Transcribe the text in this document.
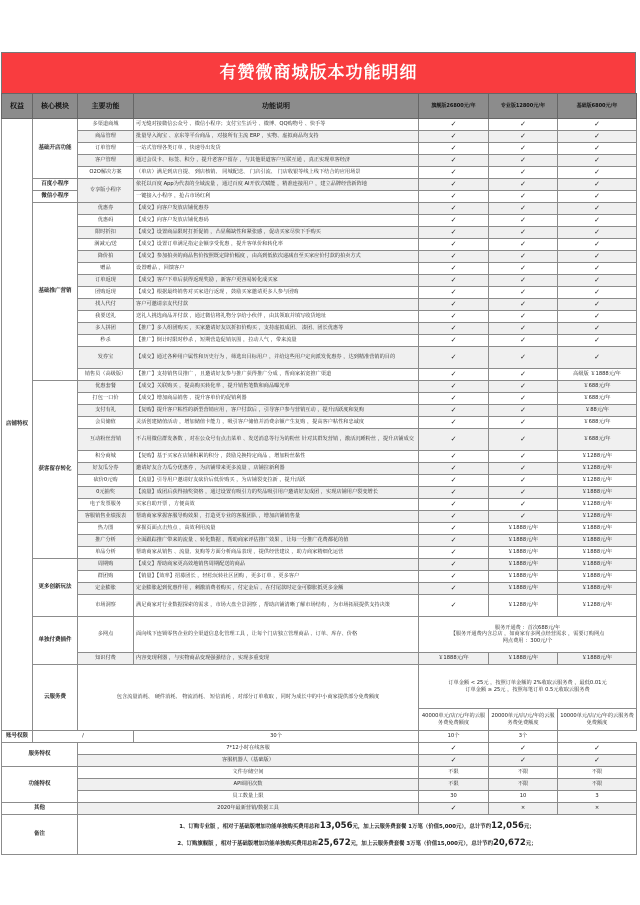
有赞微商城版本功能明细
权益	核心模块	主要功能	功能说明	旗舰版26800元/年	专业版12800元/年	基础版6800元/年
店铺特权	基础开店功能	多渠道商城	可无缝对接微信公众号 、微信小程序；支付宝生活号 、微博、QQ购物号 、快手等	✓	✓	✓
		商品管理	批量导入淘宝 、京东等平台商品 ，对接所有主流 ERP ，实物、虚拟商品均支持	✓	✓	✓
		订单管理	一站式管理各类订单 ，快速导出发货	✓	✓	✓
		客户管理	通过会员卡、 标签、积分 ，提升老客户留存 ，与其他渠道客户互联互通 ，真正实现单客经济	✓	✓	✓
		O2O解决方案	（单店）满足到店自提、 到店核销、 同城配送、 门店引流、 门店收银等线上线下结合的应用场景	✓	✓	✓
	百度小程序	专享版小程序	依托以百度 App为代表的全域流量 ，通过百度 AI开放式赋能 ，精准连接用户 ，建立品牌经营新阵地	✓	✓	✓
	微信小程序		一键接入小程序 ，抢占市场红利	✓	✓	✓
	基础推广营销	优惠券	【成交】向客户发放店铺优惠券	✓	✓	✓
		优惠码	【成交】向客户发放店铺优惠码	✓	✓	✓
		限时折扣	【成交】设置商品限时打折促销 ，凸显稀缺性和紧张感 ，促动买家尽快下手购买	✓	✓	✓
		满减元/送	【成交】设置订单满足指定金额享受优惠 ，提升客单价和转化率	✓	✓	✓
		降价拍	【成交】参加拍卖的商品售价按照既定降价幅度 ，由高到低依次递减直至买家应价付款的拍卖方式	✓	✓	✓
		赠品	设置赠品 ，回馈客户	✓	✓	✓
		订单返现	【成交】客户下单后获得返现奖励 ，新客户更容易转化成买家	✓	✓	✓
		团购返现	【成交】根据最终销售对买家进行返现 ，鼓励买家邀请更多人参与团购	✓	✓	✓
		找人代付	客户可邀请亲友代付款	✓	✓	✓
		我要送礼	送礼人挑选商品并付款 ，通过微信将礼物分享给小伙伴 ，由其领取并填写收货地址	✓	✓	✓
		多人拼团	【推广】多人组团购买 ，买家邀请好友以折扣价购买 ，支持虚拟成团、 凑团、团长优惠等	✓	✓	✓
		秒杀	【推广】倒计时限时秒杀 ，短期营造促销氛围 ，拉动人气 ，带来流量	✓	✓	✓
		发券宝	【成交】通过各种用户属性和历史行为 ，筛选出目标用户 ，并给这些用户定向派发优惠券 ，达到精准营销的目的	✓	✓	✓
		销售员（高级版）	【推广】支持销售员推广 ，且邀请好友参与推广获得推广分成 ，帮商家拓宽推广渠道	✓	✓	高级版 ￥1888元/年
	获客留存转化	优惠套餐	【成交】关联购买 ，提高购买转化率 ，提升销售笔数和商品曝光率	✓	✓	￥688元/年
		打包一口价	【成交】增加商品销售 、提升客单价的促销利器	✓	✓	￥688元/年
		支付有礼	【复购】提升客户粘性的新型营销应用 ，客户付款后 ，引导客户参与营销互动 ，提升活跃度和复购	✓	✓	￥88元/年
		会员储值	灵活创建储值活动 ，增加储值卡能力 ，吸引客户储值并消费余额产生复购 ，提高客户粘性和忠诚度	✓	✓	￥688元/年
		互动粉丝营销	不占用微信群发条数 ，对在公众号有点击菜单 、发送消息等行为的粉丝 针对其群发营销 ，激活沉睡粉丝 ，提升店铺成交	✓	✓	￥688元/年
		积分商城	【复购】基于买家在店铺积累的积分 ，鼓励兑换特定商品 ，增加粉丝黏性	✓	✓	￥1288元/年
		好友瓜分券	邀请好友合力瓜分优惠券 ，为店铺带来更多流量 ，店铺拉新利器	✓	✓	￥1288元/年
		砍价0元购	【流量】引导用户邀请好友砍价后低价购买 ，为店铺裂变拉新 ，提升活跃	✓	✓	￥1288元/年
		0元抽奖	【流量】成团后获得抽奖资格 ，通过设置有吸引力的奖品吸引用户邀请好友成团 ，实现店铺用户裂变增长	✓	✓	￥1888元/年
		电子发票服务	买家自助开票 ，方便高效	✓	✓	￥1288元/年
		客服销售业绩报表	帮助商家掌握客服导购效果 ，打造更专业的客服团队 ，增加店铺销售量	✓	✓	￥1288元/年
		热力图	掌握页面点击热点 ，高效利用流量	✓	￥1888元/年	￥1888元/年
		推广分析	全面跟踪推广带来的流量 、转化数据 ，帮助商家评估推广效果 ，让每一分推广花费都花的值	✓	￥1888元/年	￥1888元/年
		单品分析	帮助商家从销售 、流量、复购等方面分析商品表现 ，提供经营建议 ，助力商家精细化运营	✓	￥1888元/年	￥1888元/年
	更多创新玩法	周期购	【成交】帮助商家更高效地销售周期配送的商品	✓	￥1888元/年	￥1888元/年
		群团购	【销量】【效率】招募团长 ，轻松玩转社区团购 ，更多订单 ，更多客户	✓	￥1888元/年	￥1888元/年
		定金膨胀	定金膨胀起到优惠作用 ，刺激消费者购买 ，付定金后 ，在付尾款时定金可膨胀抵更多金额	✓	￥1888元/年	￥1888元/年
		市场洞察	满足商家对行业数据探索的需求 ，市场大盘全景洞察 ，帮助店铺清晰了解市场结构 ，为市场拓展提供支持决策	✓	￥1288元/年	￥1288元/年
	单独付费插件	多网点	面向线下连锁零售企业的全渠道信息化管理工具 ，让每个门店独立管理商品 、订单、库存、价格	服务开通费 ：首次688元/年
【服务开通费内含总店 ，如商家有多网点经营需求 ，需要订购网点
网点费用 ：300元/个		

		知识付费	内容变现利器 ，与实物商品变现强强结合 ，实现多重变现	￥1888元/年	￥1888元/年	￥1888元/年
	云服务费	包含流量消耗、 硬件消耗、 物流消耗、 短信消耗 ，对部分订单收取 ，同时为成长中的中小商家提供部分免费额度		订单金额 < 25元 ，按照订单金额的 2%收取云服务费 ，最低0.01元
订单金额 ≥ 25元 ，按照每笔订单 0.5元收取云服务费		

				40000单元/店/元/年的云服务费免费额度	20000单元/店/元/年的云服务费免费额度	10000单元/店/元/年的云服务费免费额度
账号权限	/		30个	10个	3个	
服务特权		7*12小时在线客服		✓	✓	✓
		客服机器人（基础版）		✓	✓	✓
功能特权		文件存储空间		不限	不限	不限
		API调用次数		不限	不限	不限
		员工数量上限		30	10	3
其他		2020年最新营销/数据工具		✓	×	×
备注		1、订购专业版 ，相对于基础版增加功能单独购买费用总和13,056元，加上云服务费套餐 1万笔（价值5,000元），总计节约12,056元；
2、订购旗舰版 ，相对于基础版增加功能单独购买费用总和25,672元，加上云服务费套餐 3万笔（价值15,000元），总计节约20,672元；				
